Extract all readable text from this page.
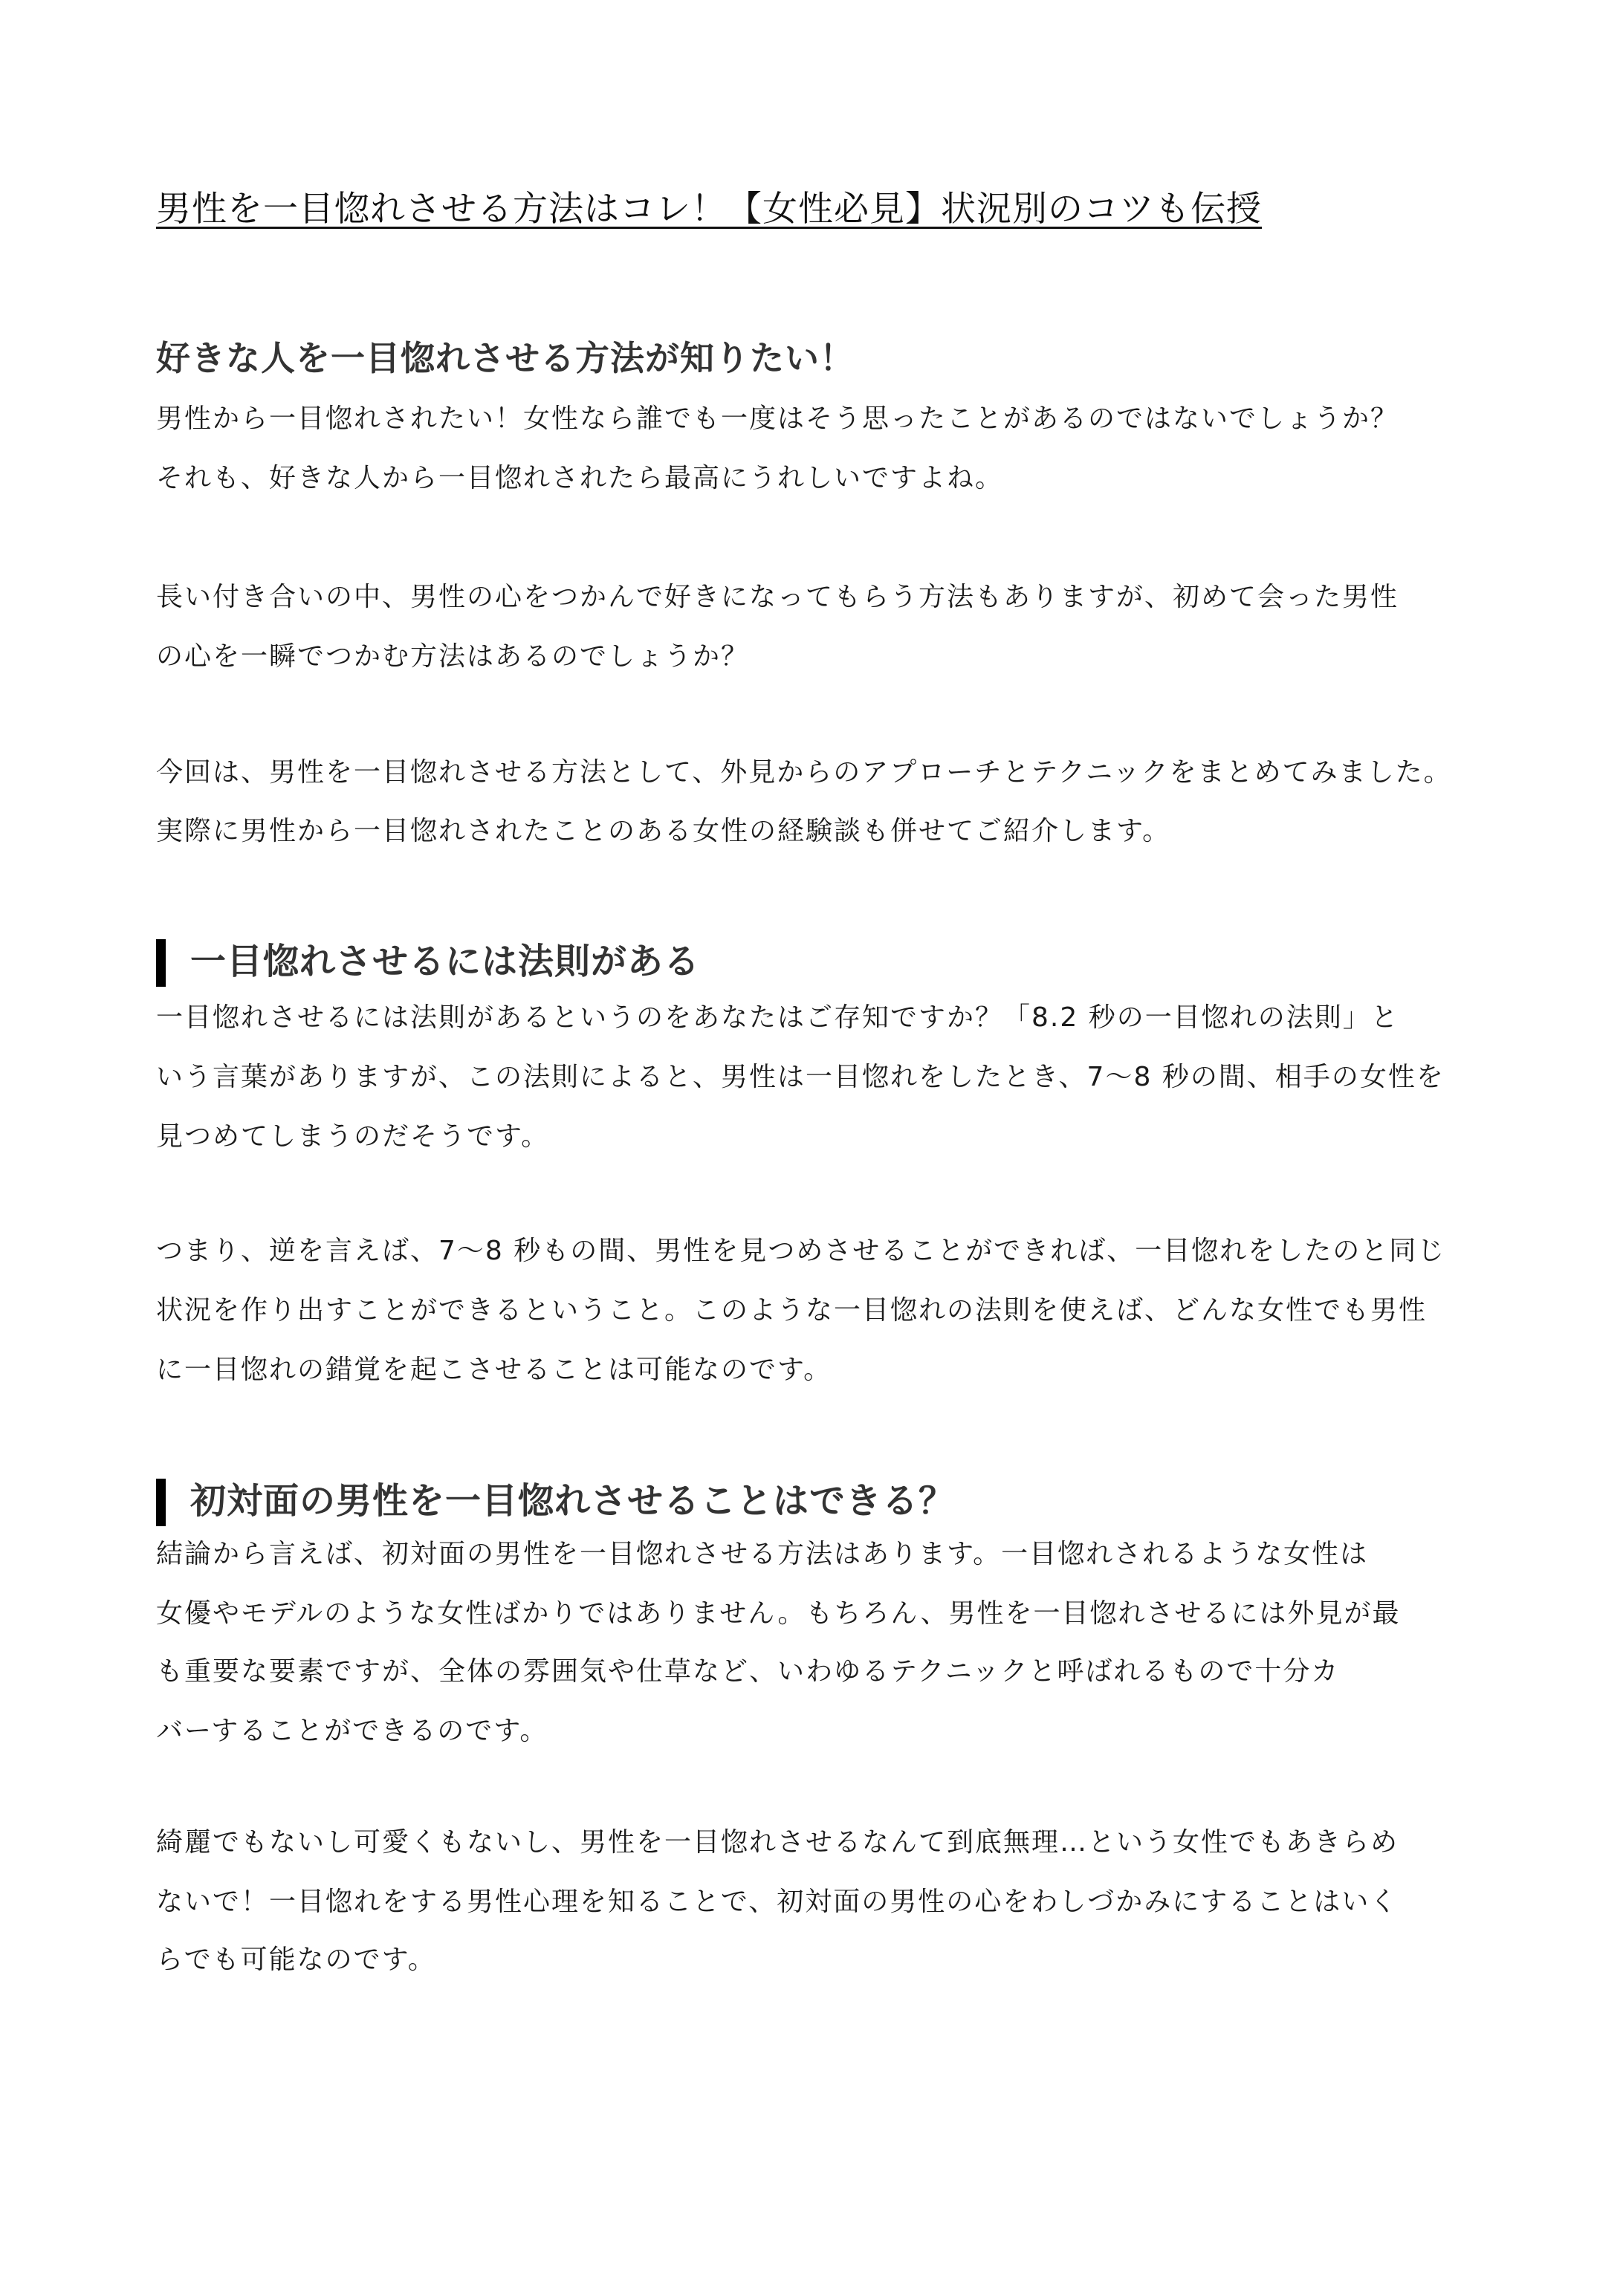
男性を一目惚れさせる方法はコレ！【女性必見】状況別のコツも伝授
好きな人を一目惚れさせる方法が知りたい！
男性から一目惚れされたい！女性なら誰でも一度はそう思ったことがあるのではないでしょうか？
それも、好きな人から一目惚れされたら最高にうれしいですよね。
長い付き合いの中、男性の心をつかんで好きになってもらう方法もありますが、初めて会った男性
の心を一瞬でつかむ方法はあるのでしょうか？
今回は、男性を一目惚れさせる方法として、外見からのアプローチとテクニックをまとめてみました。
実際に男性から一目惚れされたことのある女性の経験談も併せてご紹介します。
一目惚れさせるには法則がある
一目惚れさせるには法則があるというのをあなたはご存知ですか？「8.2 秒の一目惚れの法則」と
いう言葉がありますが、この法則によると、男性は一目惚れをしたとき、7～8 秒の間、相手の女性を
見つめてしまうのだそうです。
つまり、逆を言えば、7～8 秒もの間、男性を見つめさせることができれば、一目惚れをしたのと同じ
状況を作り出すことができるということ。このような一目惚れの法則を使えば、どんな女性でも男性
に一目惚れの錯覚を起こさせることは可能なのです。
初対面の男性を一目惚れさせることはできる？
結論から言えば、初対面の男性を一目惚れさせる方法はあります。一目惚れされるような女性は
女優やモデルのような女性ばかりではありません。もちろん、男性を一目惚れさせるには外見が最
も重要な要素ですが、全体の雰囲気や仕草など、いわゆるテクニックと呼ばれるもので十分カ
バーすることができるのです。
綺麗でもないし可愛くもないし、男性を一目惚れさせるなんて到底無理…という女性でもあきらめ
ないで！一目惚れをする男性心理を知ることで、初対面の男性の心をわしづかみにすることはいく
らでも可能なのです。
